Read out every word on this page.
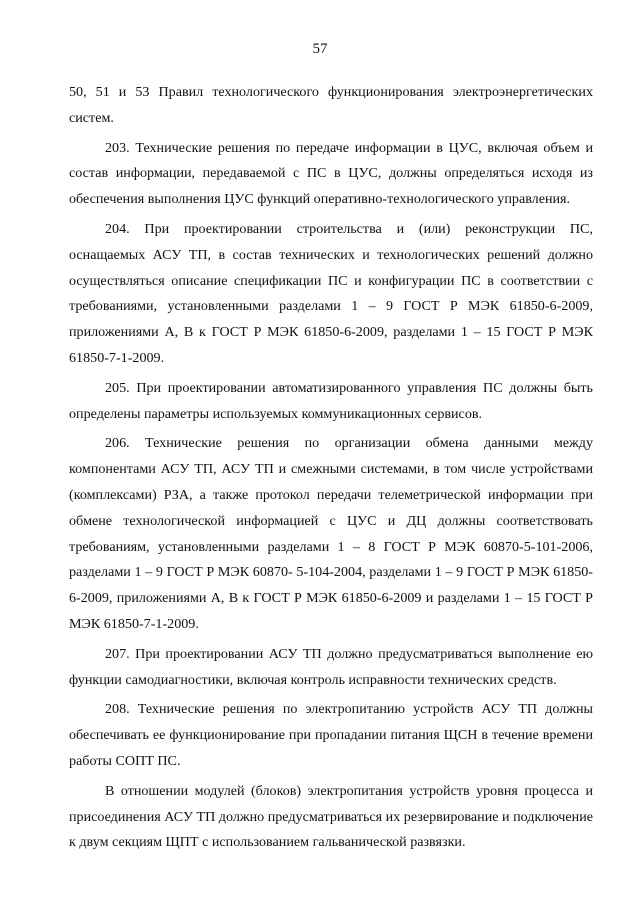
57

50, 51 и 53 Правил технологического функционирования электроэнергетических систем.

203. Технические решения по передаче информации в ЦУС, включая объем и состав информации, передаваемой с ПС в ЦУС, должны определяться исходя из обеспечения выполнения ЦУС функций оперативно-технологического управления.

204. При проектировании строительства и (или) реконструкции ПС, оснащаемых АСУ ТП, в состав технических и технологических решений должно осуществляться описание спецификации ПС и конфигурации ПС в соответствии с требованиями, установленными разделами 1 – 9 ГОСТ Р МЭК 61850-6-2009, приложениями А, В к ГОСТ Р МЭК 61850-6-2009, разделами 1 – 15 ГОСТ Р МЭК 61850-7-1-2009.

205. При проектировании автоматизированного управления ПС должны быть определены параметры используемых коммуникационных сервисов.

206. Технические решения по организации обмена данными между компонентами АСУ ТП, АСУ ТП и смежными системами, в том числе устройствами (комплексами) РЗА, а также протокол передачи телеметрической информации при обмене технологической информацией с ЦУС и ДЦ должны соответствовать требованиям, установленными разделами 1 – 8 ГОСТ Р МЭК 60870-5-101-2006, разделами 1 – 9 ГОСТ Р МЭК 60870- 5-104-2004, разделами 1 – 9 ГОСТ Р МЭК 61850-6-2009, приложениями А, В к ГОСТ Р МЭК 61850-6-2009 и разделами 1 – 15 ГОСТ Р МЭК 61850-7-1-2009.

207. При проектировании АСУ ТП должно предусматриваться выполнение ею функции самодиагностики, включая контроль исправности технических средств.

208. Технические решения по электропитанию устройств АСУ ТП должны обеспечивать ее функционирование при пропадании питания ЩСН в течение времени работы СОПТ ПС.

В отношении модулей (блоков) электропитания устройств уровня процесса и присоединения АСУ ТП должно предусматриваться их резервирование и подключение к двум секциям ЩПТ с использованием гальванической развязки.
